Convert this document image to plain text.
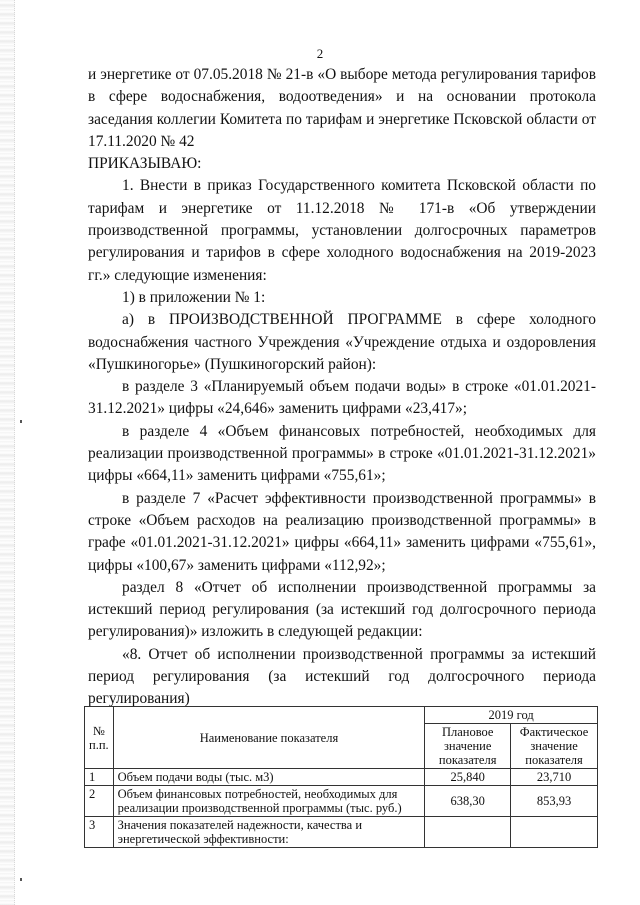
2

и энергетике от 07.05.2018 № 21-в «О выборе метода регулирования тарифов в сфере водоснабжения, водоотведения» и на основании протокола заседания коллегии Комитета по тарифам и энергетике Псковской области от 17.11.2020 № 42

ПРИКАЗЫВАЮ:

1. Внести в приказ Государственного комитета Псковской области по тарифам и энергетике от 11.12.2018 № 171-в «Об утверждении производственной программы, установлении долгосрочных параметров регулирования и тарифов в сфере холодного водоснабжения на 2019-2023 гг.» следующие изменения:

1) в приложении № 1:

а) в ПРОИЗВОДСТВЕННОЙ ПРОГРАММЕ в сфере холодного водоснабжения частного Учреждения «Учреждение отдыха и оздоровления «Пушкиногорье» (Пушкиногорский район):

в разделе 3 «Планируемый объем подачи воды» в строке «01.01.2021-31.12.2021» цифры «24,646» заменить цифрами «23,417»;

в разделе 4 «Объем финансовых потребностей, необходимых для реализации производственной программы» в строке «01.01.2021-31.12.2021» цифры «664,11» заменить цифрами «755,61»;

в разделе 7 «Расчет эффективности производственной программы» в строке «Объем расходов на реализацию производственной программы» в графе «01.01.2021-31.12.2021» цифры «664,11» заменить цифрами «755,61», цифры «100,67» заменить цифрами «112,92»;

раздел 8 «Отчет об исполнении производственной программы за истекший период регулирования (за истекший год долгосрочного периода регулирования)» изложить в следующей редакции:

«8. Отчет об исполнении производственной программы за истекший период регулирования (за истекший год долгосрочного периода регулирования)

№ п.п.	Наименование показателя	2019 год	
		Плановое значение показателя	Фактическое значение показателя
1	Объем подачи воды (тыс. м3)	25,840	23,710
2	Объем финансовых потребностей, необходимых для реализации производственной программы (тыс. руб.)	638,30	853,93
3	Значения показателей надежности, качества и энергетической эффективности:		
